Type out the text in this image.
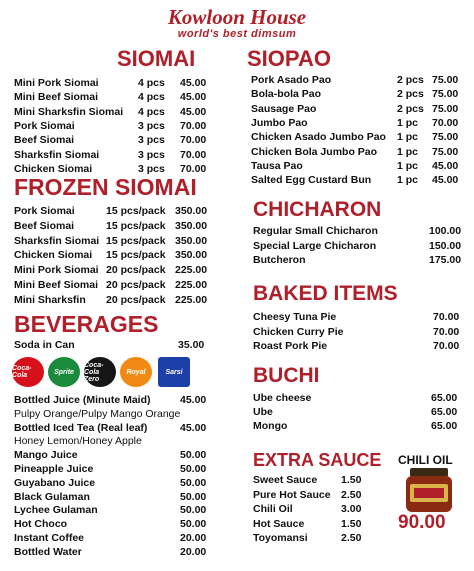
Kowloon House
world's best dimsum
SIOMAI SIOPAO
FROZEN SIOMAI
CHICHARON
BAKED ITEMS
BEVERAGES
BUCHI
EXTRA SAUCE CHILI OIL
Mini Pork Siomai	4 pcs 45.00
Mini Beef Siomai	4 pcs 45.00
Mini Sharksfin Siomai 4 pcs 45.00
Pork Siomai	3 pcs 70.00
Beef Siomai	3 pcs 70.00
Sharksfin Siomai	3 pcs 70.00
Chicken Siomai	3 pcs 70.00
Pork Asado Pao	2 pcs 75.00
Bola-bola Pao	2 pcs 75.00
Sausage Pao	2 pcs 75.00
Jumbo Pao	1 pc 70.00
Chicken Asado Jumbo Pao 1 pc 75.00
Chicken Bola Jumbo Pao 1 pc 75.00
Tausa Pao	1 pc 45.00
Salted Egg Custard Bun 1 pc 45.00
Pork Siomai	15 pcs/pack 350.00
Beef Siomai	15 pcs/pack 350.00
Sharksfin Siomai 15 pcs/pack 350.00
Chicken Siomai 15 pcs/pack 350.00
Mini Pork Siomai 20 pcs/pack 225.00
Mini Beef Siomai 20 pcs/pack 225.00
Mini Sharksfin 20 pcs/pack 225.00
Regular Small Chicharon	100.00
Special Large Chicharon	150.00
Butcheron	175.00
Cheesy Tuna Pie	70.00
Chicken Curry Pie	70.00
Roast Pork Pie	70.00
Bottled Juice (Minute Maid)	45.00
Pulpy Orange/Pulpy Mango Orange
Bottled Iced Tea (Real leaf)	45.00
Honey Lemon/Honey Apple
Mango Juice	50.00
Pineapple Juice	50.00
Guyabano Juice	50.00
Black Gulaman	50.00
Lychee Gulaman	50.00
Hot Choco	50.00
Instant Coffee	20.00
Bottled Water	20.00
Ube cheese	65.00
Ube	65.00
Mongo	65.00
Sweet Sauce 1.50
Pure Hot Sauce 2.50
Chili Oil	3.00
Hot Sauce	1.50
Toyomansi	2.50
Soda in Can	35.00
Coca-Cola	Sprite
Coca-Cola Zero
Royal	Sarsi
90.00
